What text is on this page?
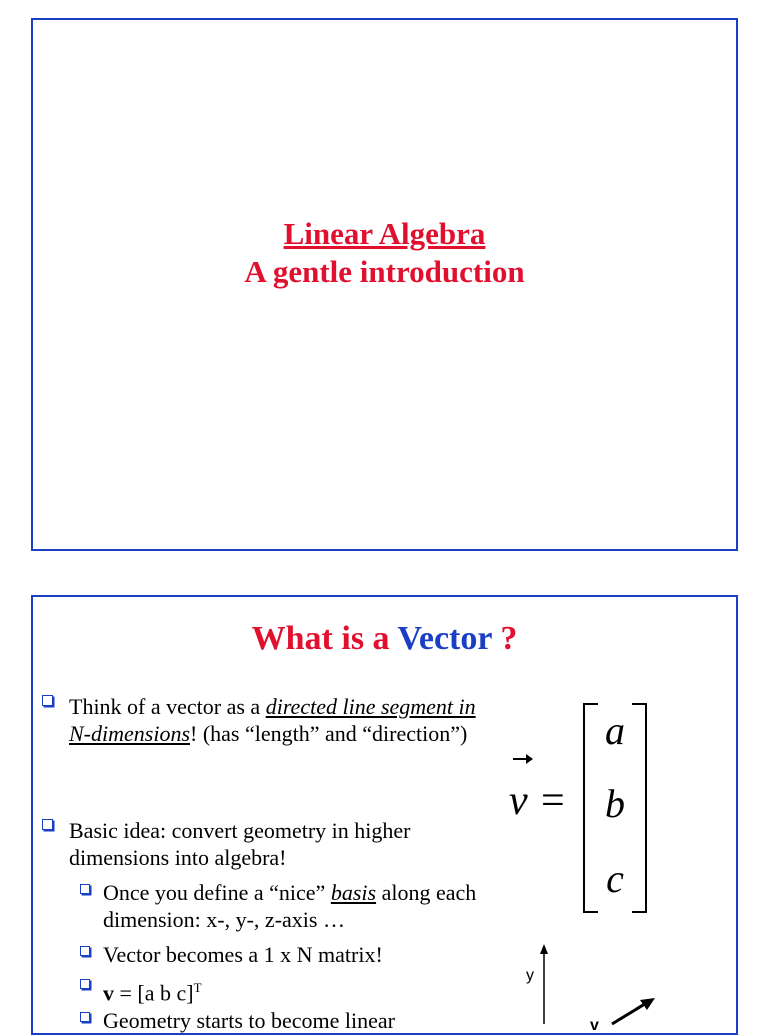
Linear Algebra
A gentle introduction
What is a Vector ?
Think of a vector as a directed line segment in N-dimensions! (has “length” and “direction”)
Basic idea: convert geometry in higher dimensions into algebra!
Once you define a “nice” basis along each dimension: x-, y-, z-axis …
Vector becomes a 1 x N matrix!
v = [a b c]$^T$
Geometry starts to become linear
v =
a
b
c
y
v
